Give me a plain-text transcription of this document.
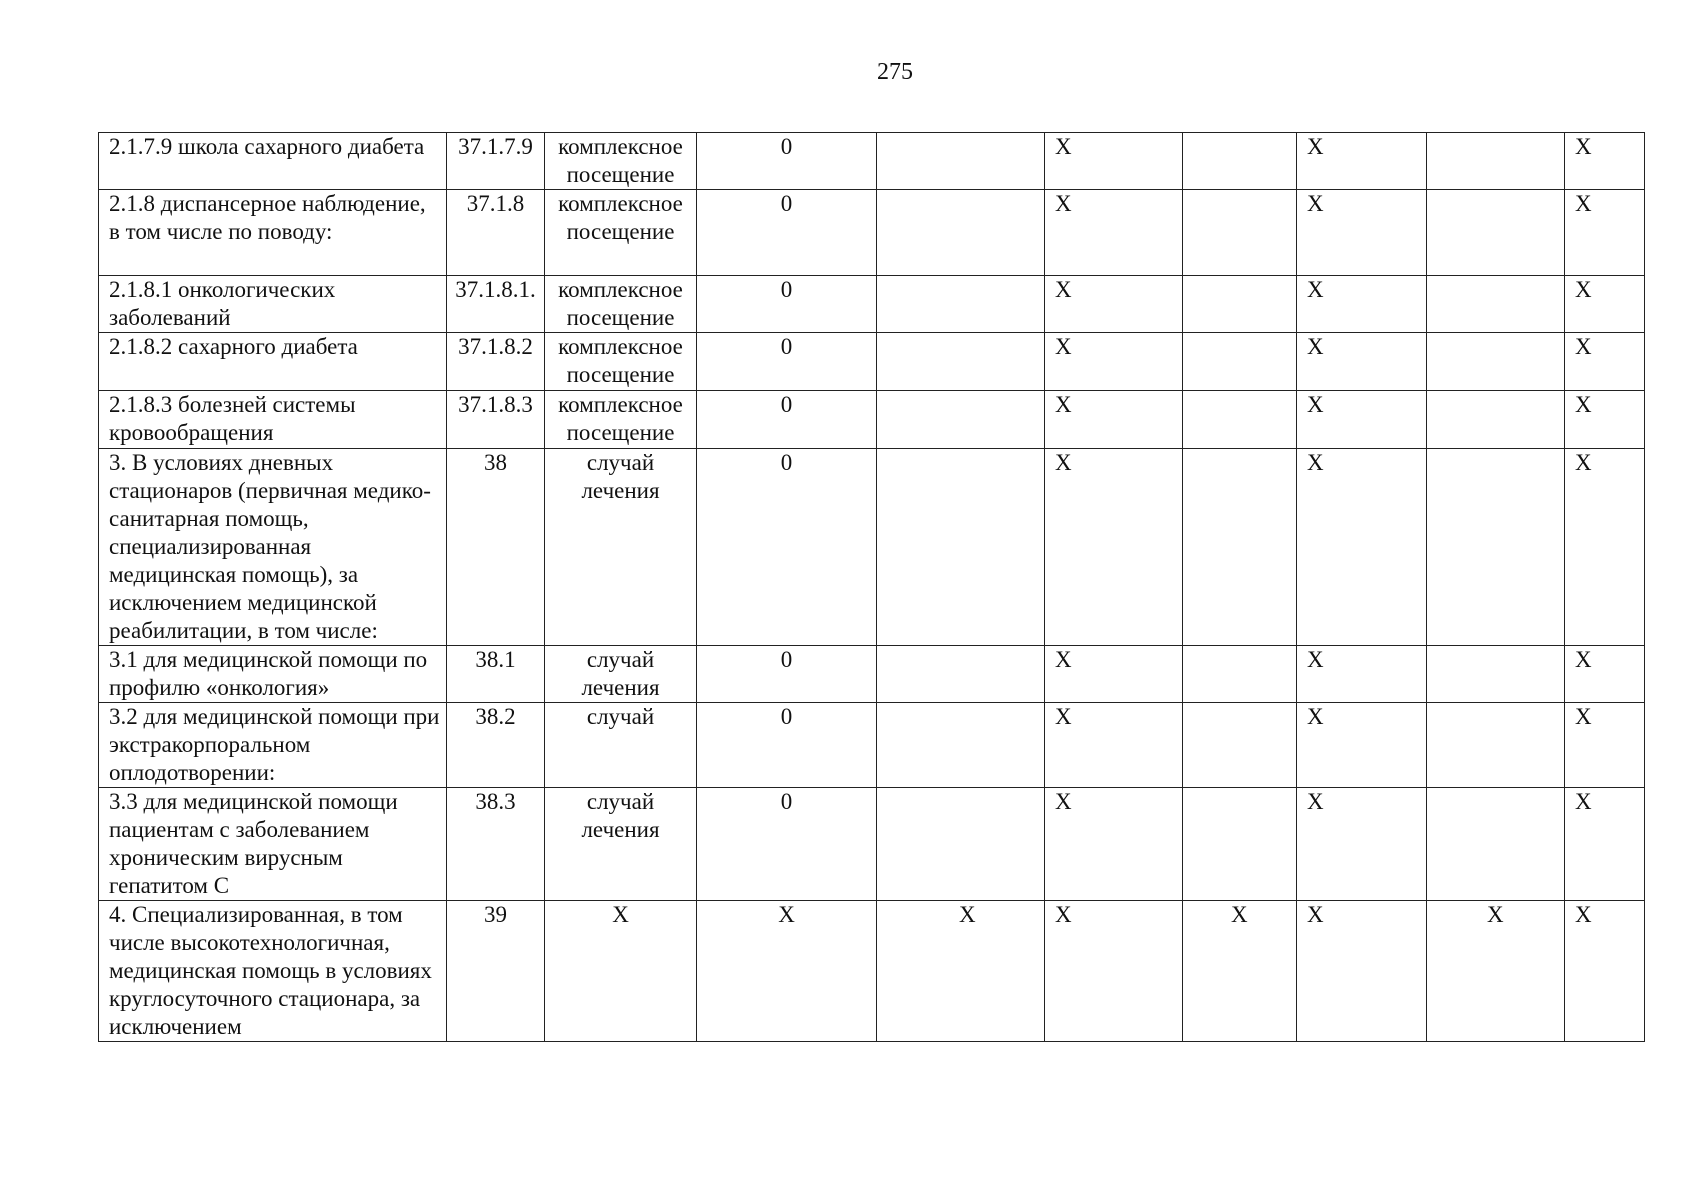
275
2.1.7.9 школа сахарного диабета	37.1.7.9	комплексное посещение	0		X		X		X
2.1.8 диспансерное наблюдение, в том числе по поводу:	37.1.8	комплексное посещение	0		X		X		X
2.1.8.1 онкологических заболеваний	37.1.8.1.	комплексное посещение	0		X		X		X
2.1.8.2 сахарного диабета	37.1.8.2	комплексное посещение	0		X		X		X
2.1.8.3 болезней системы кровообращения	37.1.8.3	комплексное посещение	0		X		X		X
3. В условиях дневных стационаров (первичная медико-санитарная помощь, специализированная медицинская помощь), за исключением медицинской реабилитации, в том числе:	38	случай лечения	0		X		X		X
3.1 для медицинской помощи по профилю «онкология»	38.1	случай лечения	0		X		X		X
3.2 для медицинской помощи при экстракорпоральном оплодотворении:	38.2	случай	0		X		X		X
3.3 для медицинской помощи пациентам с заболеванием хроническим вирусным гепатитом С	38.3	случай лечения	0		X		X		X
4. Специализированная, в том числе высокотехнологичная, медицинская помощь в условиях круглосуточного стационара, за исключением	39	X	X	X	X	X	X	X	X
